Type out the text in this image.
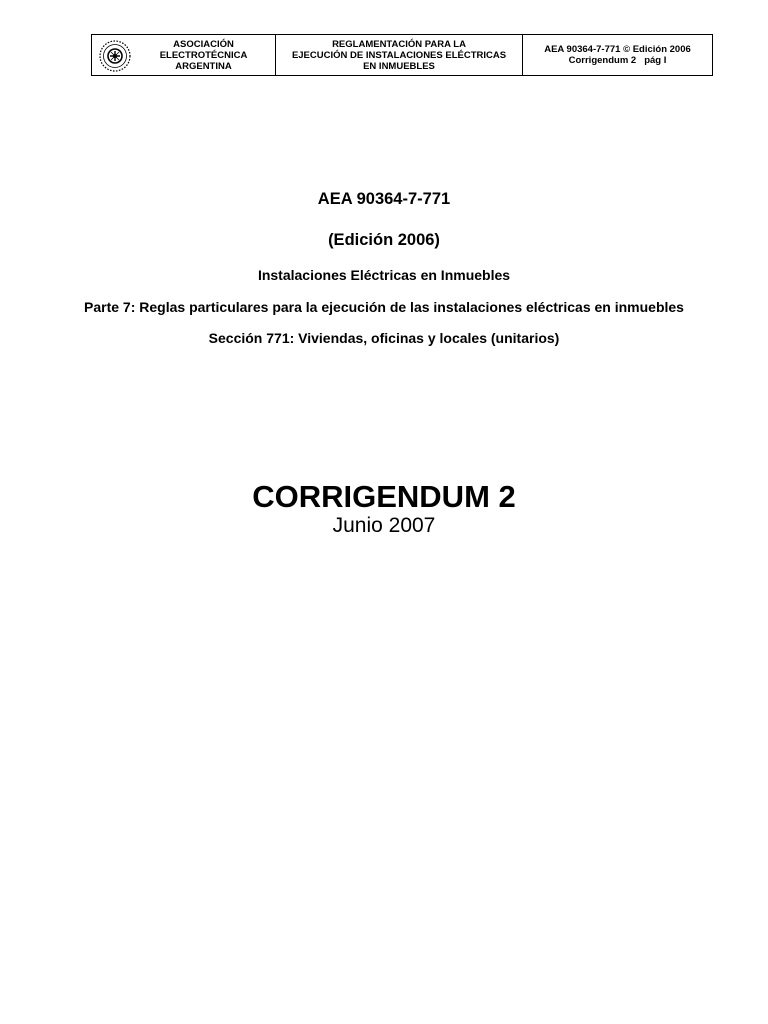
ASOCIACIÓN
ELECTROTÉCNICA
ARGENTINA
REGLAMENTACIÓN PARA LA
EJECUCIÓN DE INSTALACIONES ELÉCTRICAS
EN INMUEBLES
AEA 90364-7-771 © Edición 2006
Corrigendum 2 pág I
AEA 90364-7-771
(Edición 2006)
Instalaciones Eléctricas en Inmuebles
Parte 7: Reglas particulares para la ejecución de las instalaciones eléctricas en inmuebles
Sección 771: Viviendas, oficinas y locales (unitarios)
CORRIGENDUM 2
Junio 2007
